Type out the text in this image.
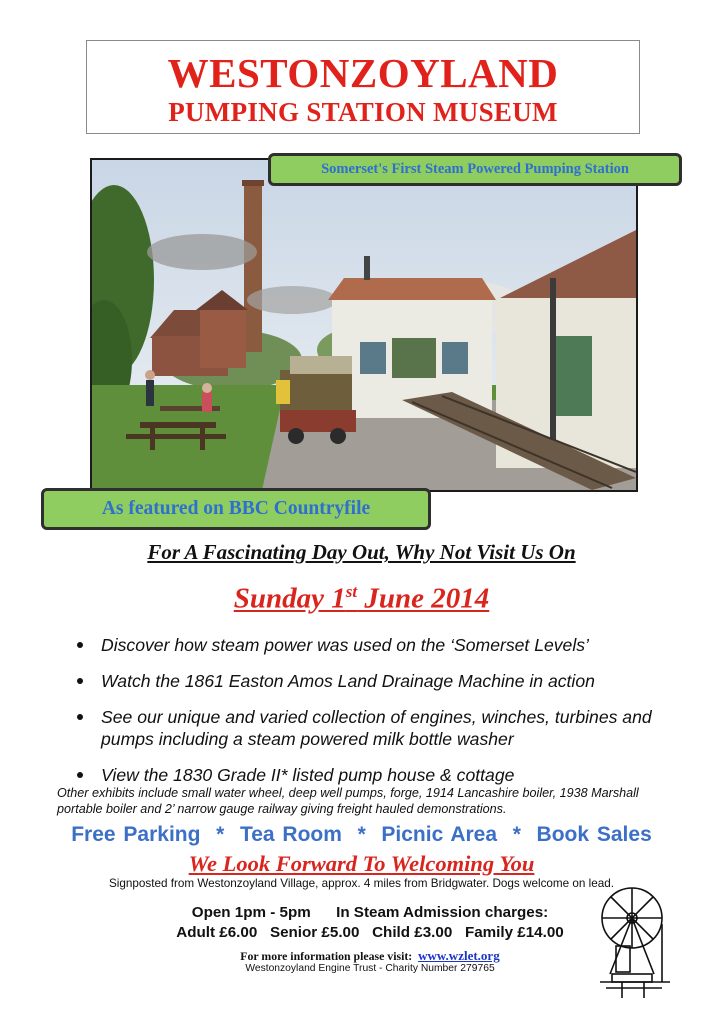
WESTONZOYLAND
PUMPING STATION MUSEUM
Somerset's First Steam Powered Pumping Station
As featured on BBC Countryfile
For A Fascinating Day Out, Why Not Visit Us On
Sunday 1st June 2014
Discover how steam power was used on the ‘Somerset Levels’
Watch the 1861 Easton Amos Land Drainage Machine in action
See our unique and varied collection of engines, winches, turbines and pumps including a steam powered milk bottle washer
View the 1830 Grade II* listed pump house & cottage
Other exhibits include small water wheel, deep well pumps, forge, 1914 Lancashire boiler, 1938 Marshall portable boiler and 2’ narrow gauge railway giving freight hauled demonstrations.
Free Parking  *  Tea Room  *  Picnic Area  *  Book Sales
We Look Forward To Welcoming You
Signposted from Westonzoyland Village, approx. 4 miles from Bridgwater. Dogs welcome on lead.
Open 1pm - 5pm In Steam Admission charges:
Adult £6.00   Senior £5.00   Child £3.00   Family £14.00
For more information please visit: www.wzlet.org
Westonzoyland Engine Trust - Charity Number 279765
